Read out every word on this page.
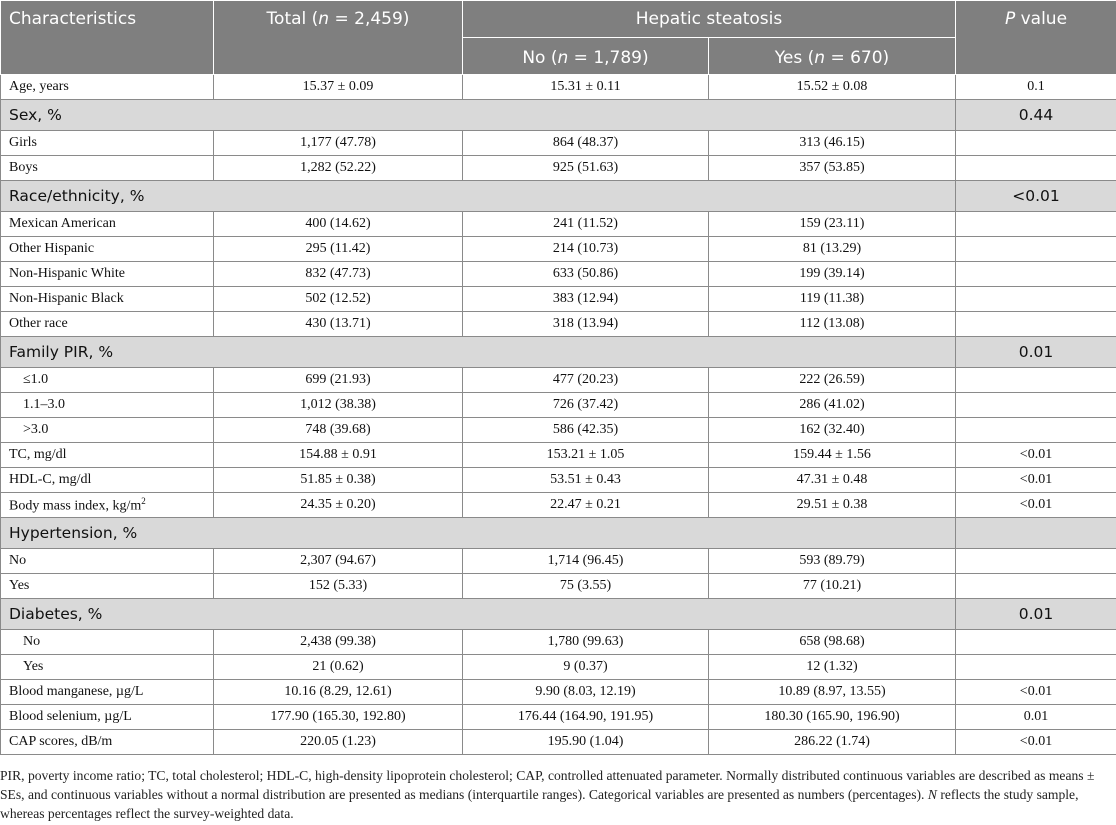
Characteristics	Total (n = 2,459)	Hepatic steatosis		P value
		No (n = 1,789)	Yes (n = 670)	
Age, years	15.37 ± 0.09	15.31 ± 0.11	15.52 ± 0.08	0.1
Sex, %				0.44
Girls	1,177 (47.78)	864 (48.37)	313 (46.15)	
Boys	1,282 (52.22)	925 (51.63)	357 (53.85)	
Race/ethnicity, %				<0.01
Mexican American	400 (14.62)	241 (11.52)	159 (23.11)	
Other Hispanic	295 (11.42)	214 (10.73)	81 (13.29)	
Non-Hispanic White	832 (47.73)	633 (50.86)	199 (39.14)	
Non-Hispanic Black	502 (12.52)	383 (12.94)	119 (11.38)	
Other race	430 (13.71)	318 (13.94)	112 (13.08)	
Family PIR, %				0.01
≤1.0	699 (21.93)	477 (20.23)	222 (26.59)	
1.1–3.0	1,012 (38.38)	726 (37.42)	286 (41.02)	
>3.0	748 (39.68)	586 (42.35)	162 (32.40)	
TC, mg/dl	154.88 ± 0.91	153.21 ± 1.05	159.44 ± 1.56	<0.01
HDL-C, mg/dl	51.85 ± 0.38)	53.51 ± 0.43	47.31 ± 0.48	<0.01
Body mass index, $kg/m^2$	24.35 ± 0.20)	22.47 ± 0.21	29.51 ± 0.38	<0.01
Hypertension, %				
No	2,307 (94.67)	1,714 (96.45)	593 (89.79)	
Yes	152 (5.33)	75 (3.55)	77 (10.21)	
Diabetes, %				0.01
No	2,438 (99.38)	1,780 (99.63)	658 (98.68)	
Yes	21 (0.62)	9 (0.37)	12 (1.32)	
Blood manganese, µg/L	10.16 (8.29, 12.61)	9.90 (8.03, 12.19)	10.89 (8.97, 13.55)	<0.01
Blood selenium, µg/L	177.90 (165.30, 192.80)	176.44 (164.90, 191.95)	180.30 (165.90, 196.90)	0.01
CAP scores, dB/m	220.05 (1.23)	195.90 (1.04)	286.22 (1.74)	<0.01
PIR, poverty income ratio; TC, total cholesterol; HDL-C, high-density lipoprotein cholesterol; CAP, controlled attenuated parameter. Normally distributed continuous variables are described as means ± SEs, and continuous variables without a normal distribution are presented as medians (interquartile ranges). Categorical variables are presented as numbers (percentages). N reflects the study sample, whereas percentages reflect the survey-weighted data.
